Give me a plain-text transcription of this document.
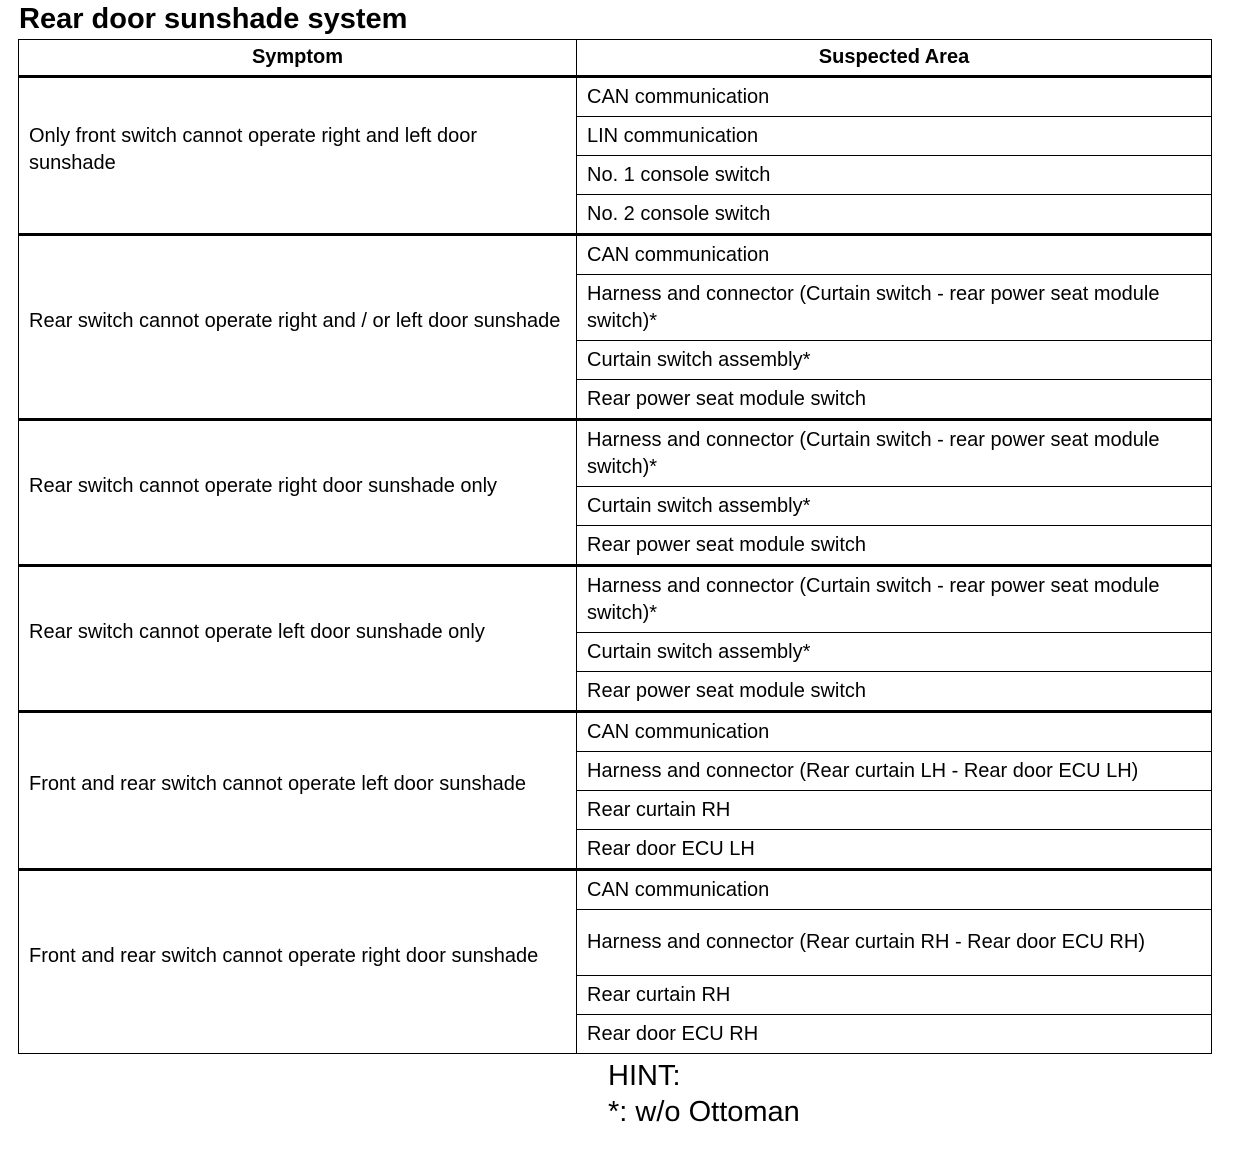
Rear door sunshade system
Symptom	Suspected Area
Only front switch cannot operate right and left door sunshade	CAN communication
	LIN communication
	No. 1 console switch
	No. 2 console switch
Rear switch cannot operate right and / or left door sunshade	CAN communication
	Harness and connector (Curtain switch - rear power seat module switch)*
	Curtain switch assembly*
	Rear power seat module switch
Rear switch cannot operate right door sunshade only	Harness and connector (Curtain switch - rear power seat module switch)*
	Curtain switch assembly*
	Rear power seat module switch
Rear switch cannot operate left door sunshade only	Harness and connector (Curtain switch - rear power seat module switch)*
	Curtain switch assembly*
	Rear power seat module switch
Front and rear switch cannot operate left door sunshade	CAN communication
	Harness and connector (Rear curtain LH - Rear door ECU LH)
	Rear curtain RH
	Rear door ECU LH
Front and rear switch cannot operate right door sunshade	CAN communication
	Harness and connector (Rear curtain RH - Rear door ECU RH)
	Rear curtain RH
	Rear door ECU RH
HINT:
*: w/o Ottoman
